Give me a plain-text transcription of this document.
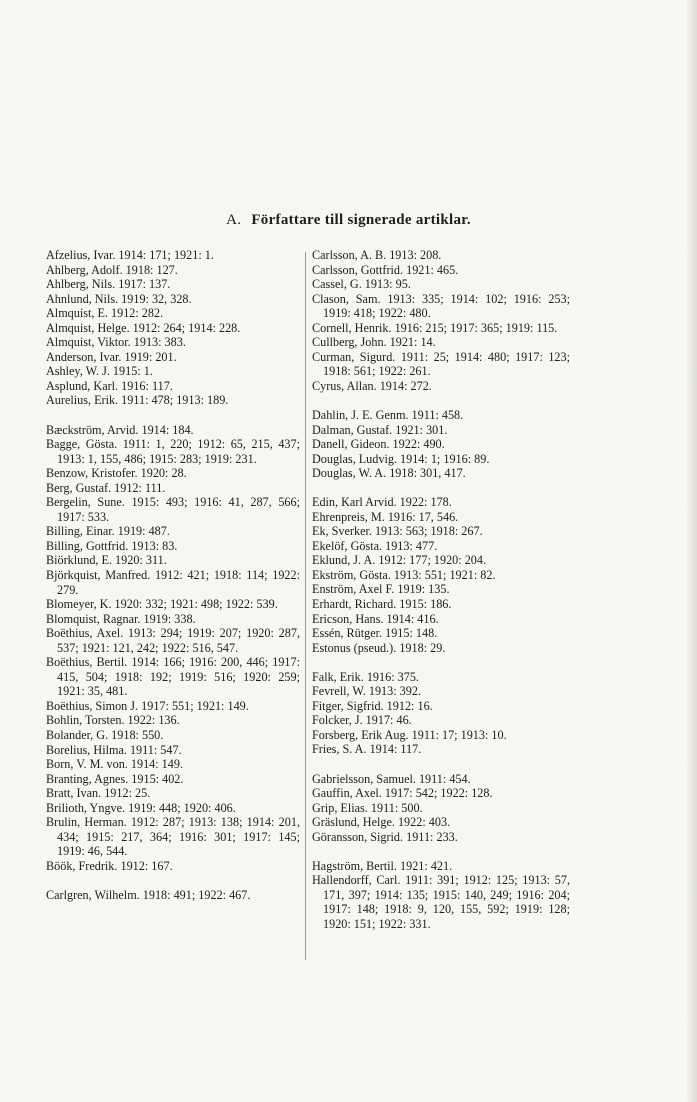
A. Författare till signerade artiklar.
Afzelius, Ivar. 1914: 171; 1921: 1.
Ahlberg, Adolf. 1918: 127.
Ahlberg, Nils. 1917: 137.
Ahnlund, Nils. 1919: 32, 328.
Almquist, E. 1912: 282.
Almquist, Helge. 1912: 264; 1914: 228.
Almquist, Viktor. 1913: 383.
Anderson, Ivar. 1919: 201.
Ashley, W. J. 1915: 1.
Asplund, Karl. 1916: 117.
Aurelius, Erik. 1911: 478; 1913: 189.
Bæckström, Arvid. 1914: 184.
Bagge, Gösta. 1911: 1, 220; 1912: 65, 215, 437; 1913: 1, 155, 486; 1915: 283; 1919: 231.
Benzow, Kristofer. 1920: 28.
Berg, Gustaf. 1912: 111.
Bergelin, Sune. 1915: 493; 1916: 41, 287, 566; 1917: 533.
Billing, Einar. 1919: 487.
Billing, Gottfrid. 1913: 83.
Biörklund, E. 1920: 311.
Björkquist, Manfred. 1912: 421; 1918: 114; 1922: 279.
Blomeyer, K. 1920: 332; 1921: 498; 1922: 539.
Blomquist, Ragnar. 1919: 338.
Boëthius, Axel. 1913: 294; 1919: 207; 1920: 287, 537; 1921: 121, 242; 1922: 516, 547.
Boëthius, Bertil. 1914: 166; 1916: 200, 446; 1917: 415, 504; 1918: 192; 1919: 516; 1920: 259; 1921: 35, 481.
Boëthius, Simon J. 1917: 551; 1921: 149.
Bohlin, Torsten. 1922: 136.
Bolander, G. 1918: 550.
Borelius, Hilma. 1911: 547.
Born, V. M. von. 1914: 149.
Branting, Agnes. 1915: 402.
Bratt, Ivan. 1912: 25.
Brilioth, Yngve. 1919: 448; 1920: 406.
Brulin, Herman. 1912: 287; 1913: 138; 1914: 201, 434; 1915: 217, 364; 1916: 301; 1917: 145; 1919: 46, 544.
Böök, Fredrik. 1912: 167.
Carlgren, Wilhelm. 1918: 491; 1922: 467.
Carlsson, A. B. 1913: 208.
Carlsson, Gottfrid. 1921: 465.
Cassel, G. 1913: 95.
Clason, Sam. 1913: 335; 1914: 102; 1916: 253; 1919: 418; 1922: 480.
Cornell, Henrik. 1916: 215; 1917: 365; 1919: 115.
Cullberg, John. 1921: 14.
Curman, Sigurd. 1911: 25; 1914: 480; 1917: 123; 1918: 561; 1922: 261.
Cyrus, Allan. 1914: 272.
Dahlin, J. E. Genm. 1911: 458.
Dalman, Gustaf. 1921: 301.
Danell, Gideon. 1922: 490.
Douglas, Ludvig. 1914: 1; 1916: 89.
Douglas, W. A. 1918: 301, 417.
Edin, Karl Arvid. 1922: 178.
Ehrenpreis, M. 1916: 17, 546.
Ek, Sverker. 1913: 563; 1918: 267.
Ekelöf, Gösta. 1913: 477.
Eklund, J. A. 1912: 177; 1920: 204.
Ekström, Gösta. 1913: 551; 1921: 82.
Enström, Axel F. 1919: 135.
Erhardt, Richard. 1915: 186.
Ericson, Hans. 1914: 416.
Essén, Rütger. 1915: 148.
Estonus (pseud.). 1918: 29.
Falk, Erik. 1916: 375.
Fevrell, W. 1913: 392.
Fitger, Sigfrid. 1912: 16.
Folcker, J. 1917: 46.
Forsberg, Erik Aug. 1911: 17; 1913: 10.
Fries, S. A. 1914: 117.
Gabrielsson, Samuel. 1911: 454.
Gauffin, Axel. 1917: 542; 1922: 128.
Grip, Elias. 1911: 500.
Gräslund, Helge. 1922: 403.
Göransson, Sigrid. 1911: 233.
Hagström, Bertil. 1921: 421.
Hallendorff, Carl. 1911: 391; 1912: 125; 1913: 57, 171, 397; 1914: 135; 1915: 140, 249; 1916: 204; 1917: 148; 1918: 9, 120, 155, 592; 1919: 128; 1920: 151; 1922: 331.
